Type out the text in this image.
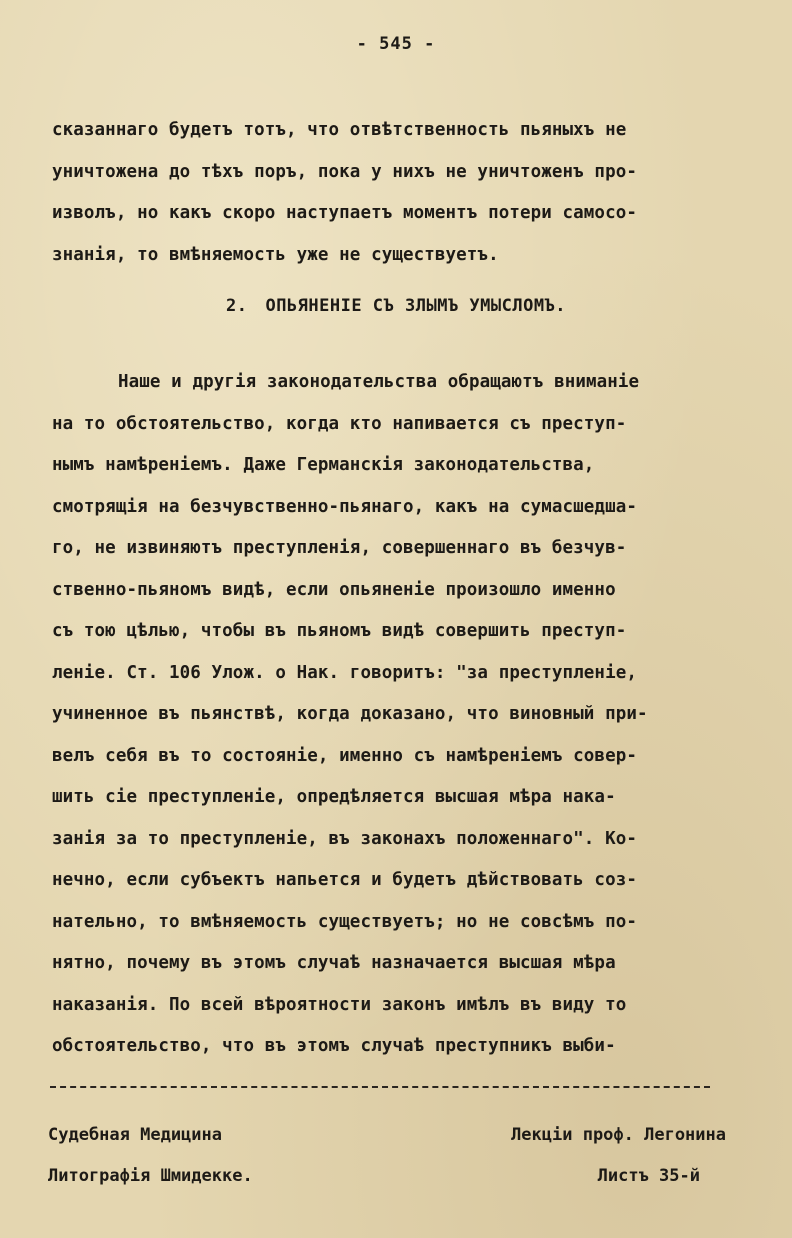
- 545 -
сказаннаго будетъ тотъ, что отвѣтственность пьяныхъ не
уничтожена до тѣхъ поръ, пока у нихъ не уничтоженъ про-
изволъ, но какъ скоро наступаетъ моментъ потери самосо-
знанія, то вмѣняемость уже не существуетъ.
2. ОПЬЯНЕНІЕ СЪ ЗЛЫМЪ УМЫСЛОМЪ.
Наше и другія законодательства обращаютъ вниманіе
на то обстоятельство, когда кто напивается съ преступ-
нымъ намѣреніемъ. Даже Германскія законодательства,
смотрящія на безчувственно-пьянаго, какъ на сумасшедша-
го, не извиняютъ преступленія, совершеннаго въ безчув-
ственно-пьяномъ видѣ, если опьяненіе произошло именно
съ тою цѣлью, чтобы въ пьяномъ видѣ совершить преступ-
леніе. Ст. 106 Улож. о Нак. говоритъ: "за преступленіе,
учиненное въ пьянствѣ, когда доказано, что виновный при-
велъ себя въ то состояніе, именно съ намѣреніемъ совер-
шить сіе преступленіе, опредѣляется высшая мѣра нака-
занія за то преступленіе, въ законахъ положеннаго". Ко-
нечно, если субъектъ напьется и будетъ дѣйствовать соз-
нательно, то вмѣняемость существуетъ; но не совсѣмъ по-
нятно, почему въ этомъ случаѣ назначается высшая мѣра
наказанія. По всей вѣроятности законъ имѣлъ въ виду то
обстоятельство, что въ этомъ случаѣ преступникъ выби-
Судебная Медицина
Литографія Шмидекке.
Лекціи проф. Легонина
Листъ 35-й
